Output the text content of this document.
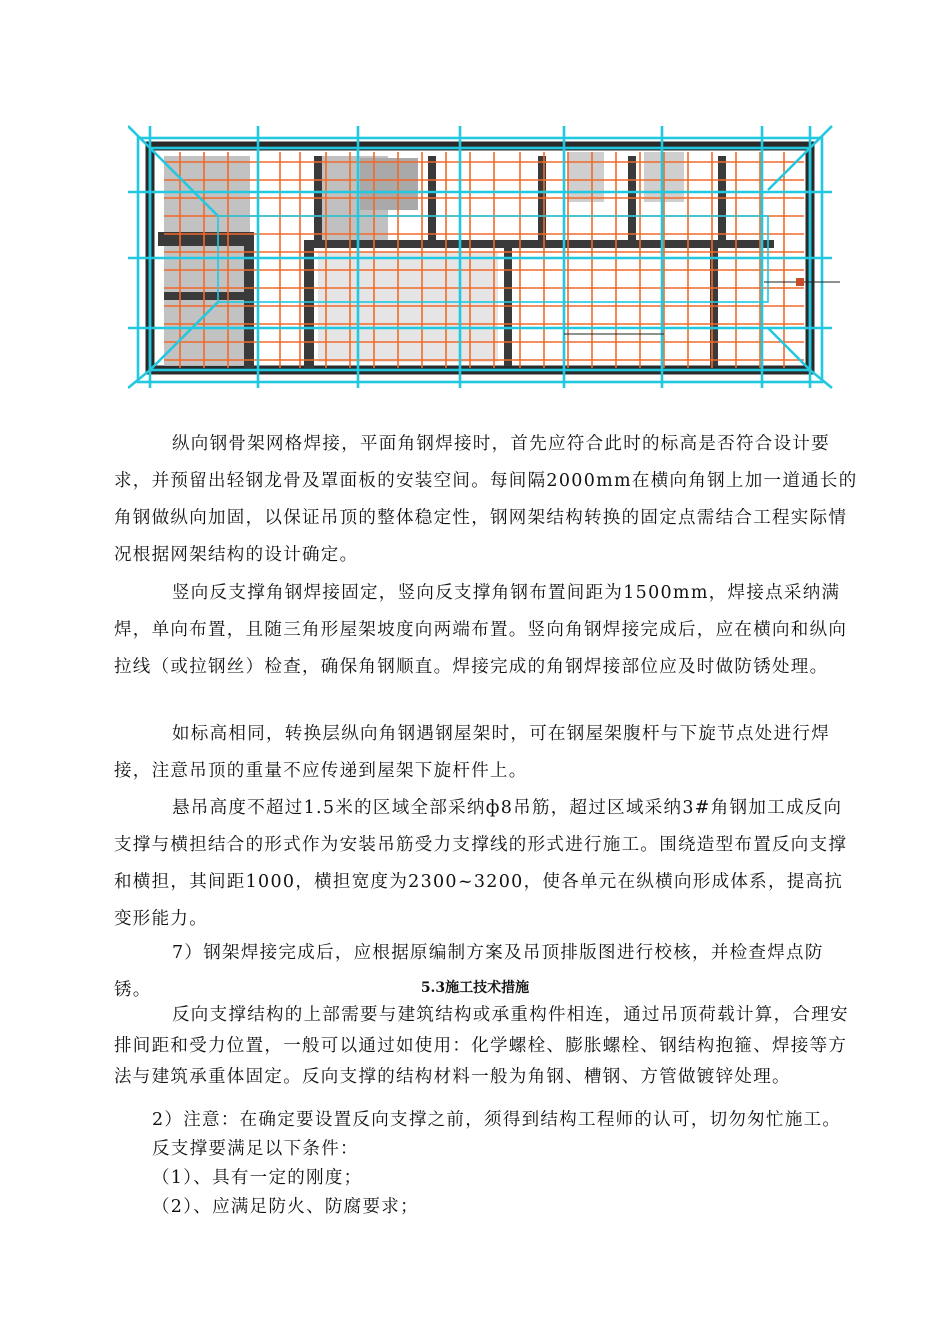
纵向钢骨架网格焊接，平面角钢焊接时，首先应符合此时的标高是否符合设计要求，并预留出轻钢龙骨及罩面板的安装空间。每间隔2000mm在横向角钢上加一道通长的角钢做纵向加固，以保证吊顶的整体稳定性，钢网架结构转换的固定点需结合工程实际情况根据网架结构的设计确定。
竖向反支撑角钢焊接固定，竖向反支撑角钢布置间距为1500mm，焊接点采纳满焊，单向布置，且随三角形屋架坡度向两端布置。竖向角钢焊接完成后，应在横向和纵向拉线（或拉钢丝）检查，确保角钢顺直。焊接完成的角钢焊接部位应及时做防锈处理。
如标高相同，转换层纵向角钢遇钢屋架时，可在钢屋架腹杆与下旋节点处进行焊接，注意吊顶的重量不应传递到屋架下旋杆件上。
悬吊高度不超过1.5米的区域全部采纳ф8吊筋，超过区域采纳3#角钢加工成反向支撑与横担结合的形式作为安装吊筋受力支撑线的形式进行施工。围绕造型布置反向支撑和横担，其间距1000，横担宽度为2300~3200，使各单元在纵横向形成体系，提高抗变形能力。
7）钢架焊接完成后，应根据原编制方案及吊顶排版图进行校核，并检查焊点防锈。	5.3施工技术措施
反向支撑结构的上部需要与建筑结构或承重构件相连，通过吊顶荷载计算，合理安排间距和受力位置，一般可以通过如使用：化学螺栓、膨胀螺栓、钢结构抱箍、焊接等方法与建筑承重体固定。反向支撑的结构材料一般为角钢、槽钢、方管做镀锌处理。
2）注意：在确定要设置反向支撑之前，须得到结构工程师的认可，切勿匆忙施工。
反支撑要满足以下条件：
（1）、具有一定的刚度；
（2）、应满足防火、防腐要求；
